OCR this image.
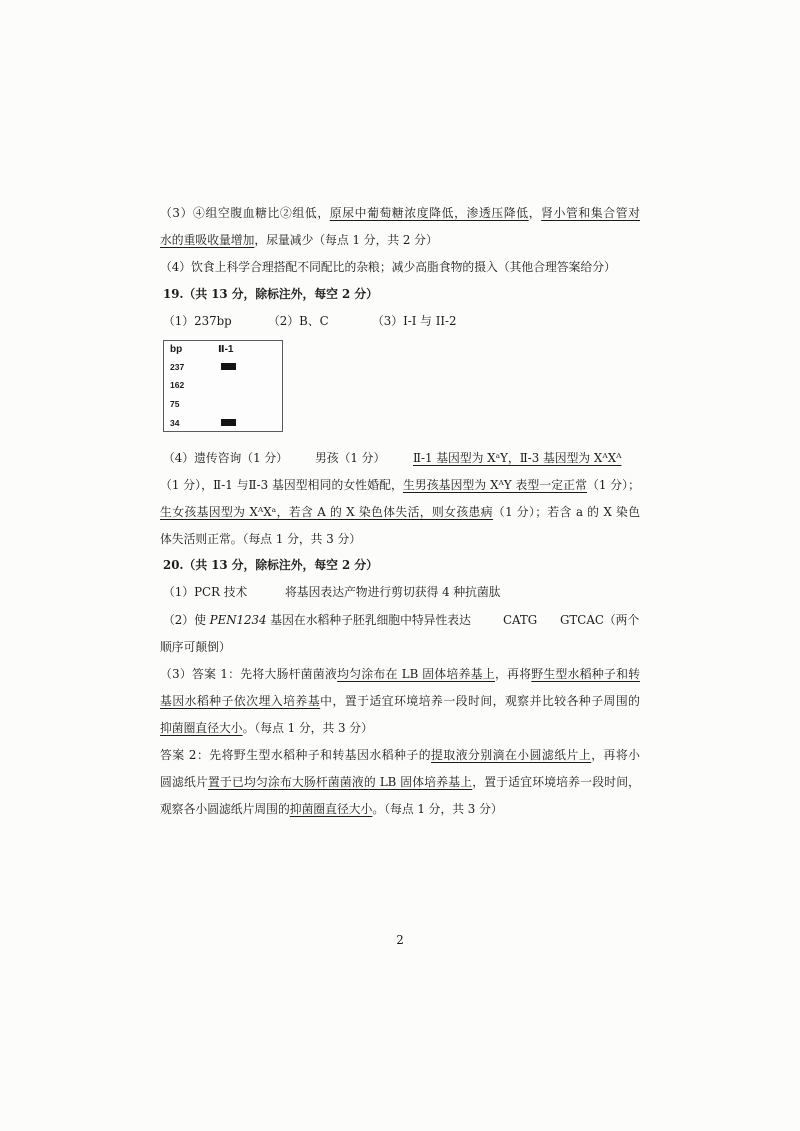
（3）④组空腹血糖比②组低，原尿中葡萄糖浓度降低，渗透压降低，肾小管和集合管对
水的重吸收量增加，尿量减少（每点 1 分，共 2 分）
（4）饮食上科学合理搭配不同配比的杂粮；减少高脂食物的摄入（其他合理答案给分）
19.（共 13 分，除标注外，每空 2 分）
（1）237bp	（2）B、C	（3）I-I 与 II-2
bp	Ⅱ-1
237
162
75
34
（4）遗传咨询（1 分） 男孩（1 分） Ⅱ-1 基因型为 XᵃY，Ⅱ-3 基因型为 XᴬXᴬ
（1 分），Ⅱ-1 与Ⅱ-3 基因型相同的女性婚配，生男孩基因型为 XᴬY 表型一定正常（1 分）；
生女孩基因型为 XᴬXᵃ，若含 A 的 X 染色体失活，则女孩患病（1 分）；若含 a 的 X 染色
体失活则正常。（每点 1 分，共 3 分）
20.（共 13 分，除标注外，每空 2 分）
（1）PCR 技术	将基因表达产物进行剪切获得 4 种抗菌肽
（2）使 PEN1234 基因在水稻种子胚乳细胞中特异性表达	CATG GTCAC（两个
顺序可颠倒）
（3）答案 1：先将大肠杆菌菌液均匀涂布在 LB 固体培养基上，再将野生型水稻种子和转
基因水稻种子依次埋入培养基中，置于适宜环境培养一段时间，观察并比较各种子周围的
抑菌圈直径大小。（每点 1 分，共 3 分）
答案 2：先将野生型水稻种子和转基因水稻种子的提取液分别滴在小圆滤纸片上，再将小
圆滤纸片置于已均匀涂布大肠杆菌菌液的 LB 固体培养基上，置于适宜环境培养一段时间，
观察各小圆滤纸片周围的抑菌圈直径大小。（每点 1 分，共 3 分）
2
